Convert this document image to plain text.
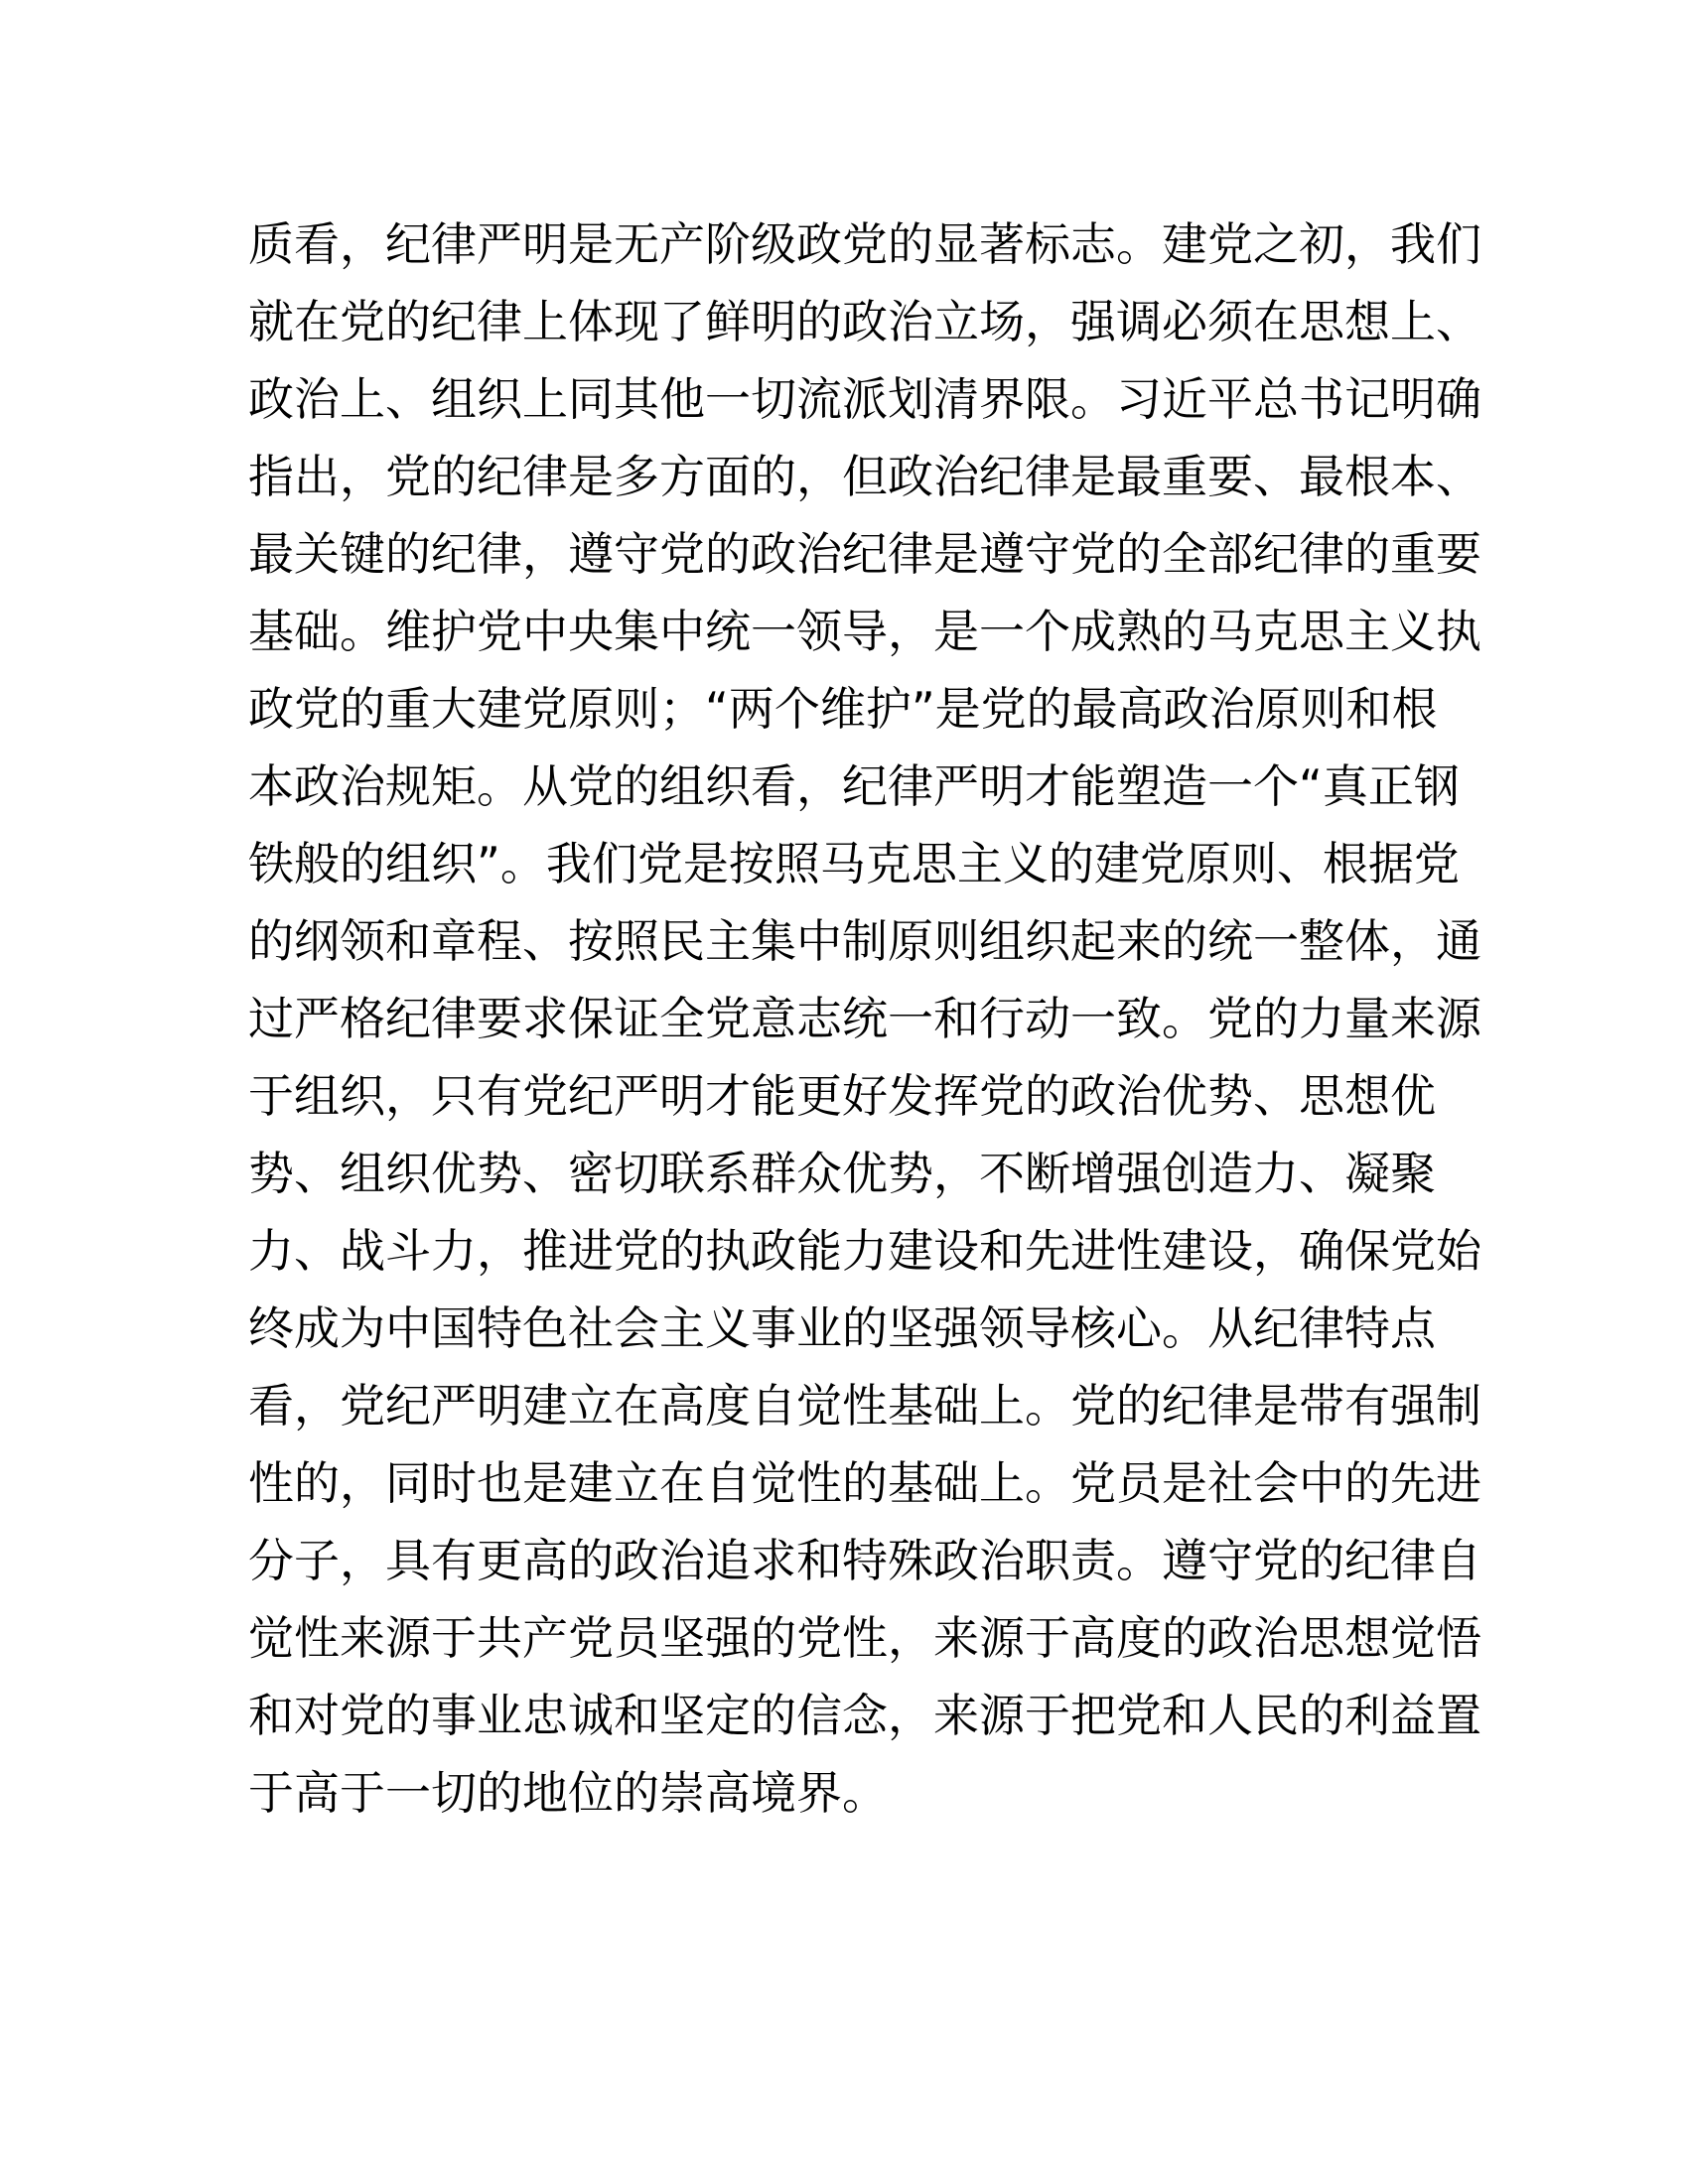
质看，纪律严明是无产阶级政党的显著标志。建党之初，我们
就在党的纪律上体现了鲜明的政治立场，强调必须在思想上、
政治上、组织上同其他一切流派划清界限。习近平总书记明确
指出，党的纪律是多方面的，但政治纪律是最重要、最根本、
最关键的纪律，遵守党的政治纪律是遵守党的全部纪律的重要
基础。维护党中央集中统一领导，是一个成熟的马克思主义执
政党的重大建党原则；“两个维护”是党的最高政治原则和根
本政治规矩。从党的组织看，纪律严明才能塑造一个“真正钢
铁般的组织”。我们党是按照马克思主义的建党原则、根据党
的纲领和章程、按照民主集中制原则组织起来的统一整体，通
过严格纪律要求保证全党意志统一和行动一致。党的力量来源
于组织，只有党纪严明才能更好发挥党的政治优势、思想优
势、组织优势、密切联系群众优势，不断增强创造力、凝聚
力、战斗力，推进党的执政能力建设和先进性建设，确保党始
终成为中国特色社会主义事业的坚强领导核心。从纪律特点
看，党纪严明建立在高度自觉性基础上。党的纪律是带有强制
性的，同时也是建立在自觉性的基础上。党员是社会中的先进
分子，具有更高的政治追求和特殊政治职责。遵守党的纪律自
觉性来源于共产党员坚强的党性，来源于高度的政治思想觉悟
和对党的事业忠诚和坚定的信念，来源于把党和人民的利益置
于高于一切的地位的崇高境界。
